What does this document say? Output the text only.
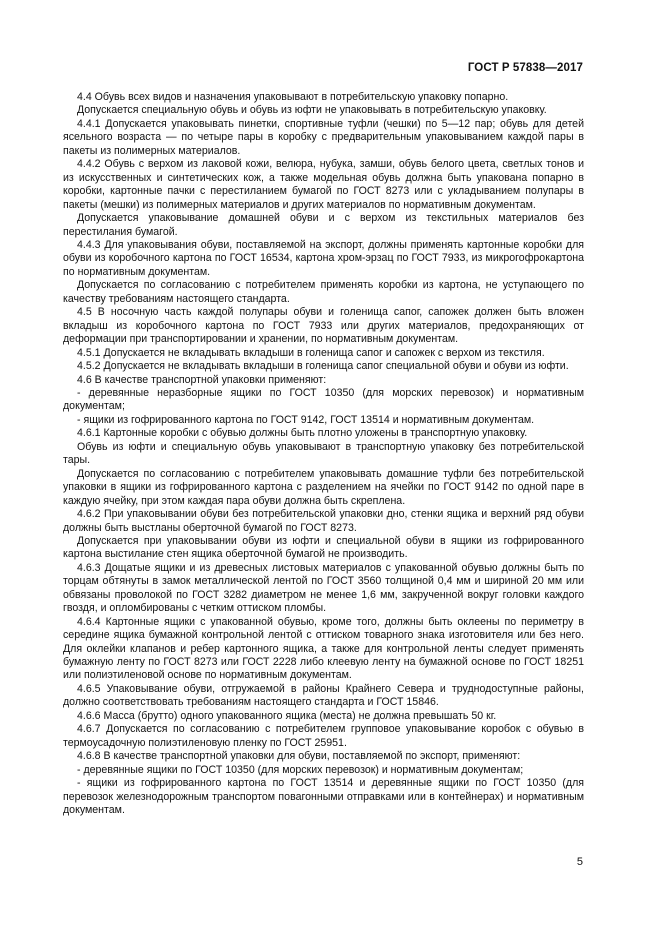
ГОСТ Р 57838—2017

4.4 Обувь всех видов и назначения упаковывают в потребительскую упаковку попарно.

Допускается специальную обувь и обувь из юфти не упаковывать в потребительскую упаковку.

4.4.1 Допускается упаковывать пинетки, спортивные туфли (чешки) по 5—12 пар; обувь для детей ясельного возраста — по четыре пары в коробку с предварительным упаковыванием каждой пары в пакеты из полимерных материалов.

4.4.2 Обувь с верхом из лаковой кожи, велюра, нубука, замши, обувь белого цвета, светлых тонов и из искусственных и синтетических кож, а также модельная обувь должна быть упакована попарно в коробки, картонные пачки с перестиланием бумагой по ГОСТ 8273 или с укладыванием полупары в пакеты (мешки) из полимерных материалов и других материалов по нормативным документам.

Допускается упаковывание домашней обуви и с верхом из текстильных материалов без перестилания бумагой.

4.4.3 Для упаковывания обуви, поставляемой на экспорт, должны применять картонные коробки для обуви из коробочного картона по ГОСТ 16534, картона хром-эрзац по ГОСТ 7933, из микрогофрокартона по нормативным документам.

Допускается по согласованию с потребителем применять коробки из картона, не уступающего по качеству требованиям настоящего стандарта.

4.5 В носочную часть каждой полупары обуви и голенища сапог, сапожек должен быть вложен вкладыш из коробочного картона по ГОСТ 7933 или других материалов, предохраняющих от деформации при транспортировании и хранении, по нормативным документам.

4.5.1 Допускается не вкладывать вкладыши в голенища сапог и сапожек с верхом из текстиля.

4.5.2 Допускается не вкладывать вкладыши в голенища сапог специальной обуви и обуви из юфти.

4.6 В качестве транспортной упаковки применяют:

- деревянные неразборные ящики по ГОСТ 10350 (для морских перевозок) и нормативным документам;

- ящики из гофрированного картона по ГОСТ 9142, ГОСТ 13514 и нормативным документам.

4.6.1 Картонные коробки с обувью должны быть плотно уложены в транспортную упаковку.

Обувь из юфти и специальную обувь упаковывают в транспортную упаковку без потребительской тары.

Допускается по согласованию с потребителем упаковывать домашние туфли без потребительской упаковки в ящики из гофрированного картона с разделением на ячейки по ГОСТ 9142 по одной паре в каждую ячейку, при этом каждая пара обуви должна быть скреплена.

4.6.2 При упаковывании обуви без потребительской упаковки дно, стенки ящика и верхний ряд обуви должны быть выстланы оберточной бумагой по ГОСТ 8273.

Допускается при упаковывании обуви из юфти и специальной обуви в ящики из гофрированного картона выстилание стен ящика оберточной бумагой не производить.

4.6.3 Дощатые ящики и из древесных листовых материалов с упакованной обувью должны быть по торцам обтянуты в замок металлической лентой по ГОСТ 3560 толщиной 0,4 мм и шириной 20 мм или обвязаны проволокой по ГОСТ 3282 диаметром не менее 1,6 мм, закрученной вокруг головки каждого гвоздя, и опломбированы с четким оттиском пломбы.

4.6.4 Картонные ящики с упакованной обувью, кроме того, должны быть оклеены по периметру в середине ящика бумажной контрольной лентой с оттиском товарного знака изготовителя или без него. Для оклейки клапанов и ребер картонного ящика, а также для контрольной ленты следует применять бумажную ленту по ГОСТ 8273 или ГОСТ 2228 либо клеевую ленту на бумажной основе по ГОСТ 18251 или полиэтиленовой основе по нормативным документам.

4.6.5 Упаковывание обуви, отгружаемой в районы Крайнего Севера и труднодоступные районы, должно соответствовать требованиям настоящего стандарта и ГОСТ 15846.

4.6.6 Масса (брутто) одного упакованного ящика (места) не должна превышать 50 кг.

4.6.7 Допускается по согласованию с потребителем групповое упаковывание коробок с обувью в термоусадочную полиэтиленовую пленку по ГОСТ 25951.

4.6.8 В качестве транспортной упаковки для обуви, поставляемой по экспорт, применяют:

- деревянные ящики по ГОСТ 10350 (для морских перевозок) и нормативным документам;

- ящики из гофрированного картона по ГОСТ 13514 и деревянные ящики по ГОСТ 10350 (для перевозок железнодорожным транспортом повагонными отправками или в контейнерах) и нормативным документам.

5
